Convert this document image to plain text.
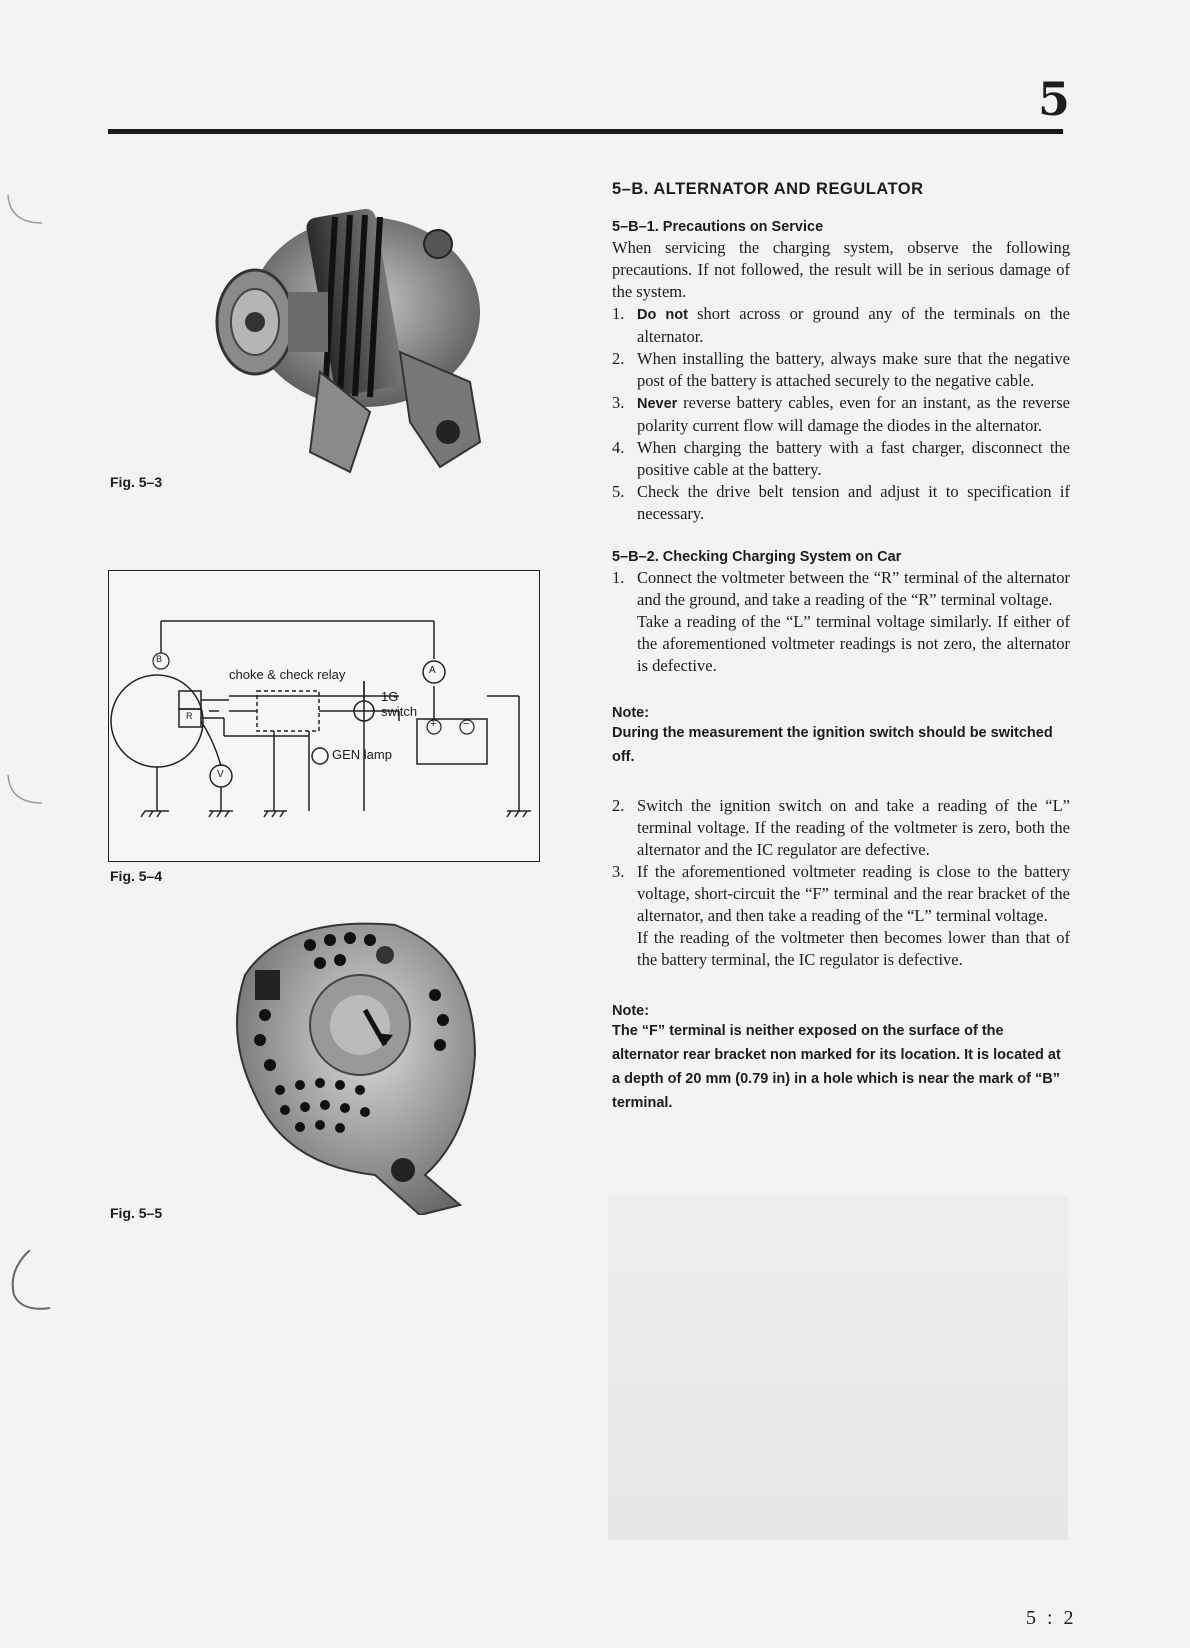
5
Fig. 5–3
B
R
A
V
choke & check relay
1G
switch
GEN lamp
+ −
Fig. 5–4
Fig. 5–5
5–B. ALTERNATOR AND REGULATOR
5–B–1. Precautions on Service

When servicing the charging system, observe the following precautions. If not followed, the result will be in serious damage of the system.

1. Do not short across or ground any of the terminals on the alternator.
2. When installing the battery, always make sure that the negative post of the battery is attached securely to the negative cable.
3. Never reverse battery cables, even for an instant, as the reverse polarity current flow will damage the diodes in the alternator.
4. When charging the battery with a fast charger, disconnect the positive cable at the battery.
5. Check the drive belt tension and adjust it to specification if necessary.
5–B–2. Checking Charging System on Car
1. Connect the voltmeter between the “R” terminal of the alternator and the ground, and take a reading of the “R” terminal voltage.
Take a reading of the “L” terminal voltage similarly. If either of the aforementioned voltmeter readings is not zero, the alternator is defective.
Note:
During the measurement the ignition switch should be switched off.
2. Switch the ignition switch on and take a reading of the “L” terminal voltage. If the reading of the voltmeter is zero, both the alternator and the IC regulator are defective.
3. If the aforementioned voltmeter reading is close to the battery voltage, short-circuit the “F” terminal and the rear bracket of the alternator, and then take a reading of the “L” terminal voltage.
If the reading of the voltmeter then becomes lower than that of the battery terminal, the IC regulator is defective.
Note:
The “F” terminal is neither exposed on the surface of the alternator rear bracket non marked for its location. It is located at a depth of 20 mm (0.79 in) in a hole which is near the mark of “B” terminal.
5 : 2
